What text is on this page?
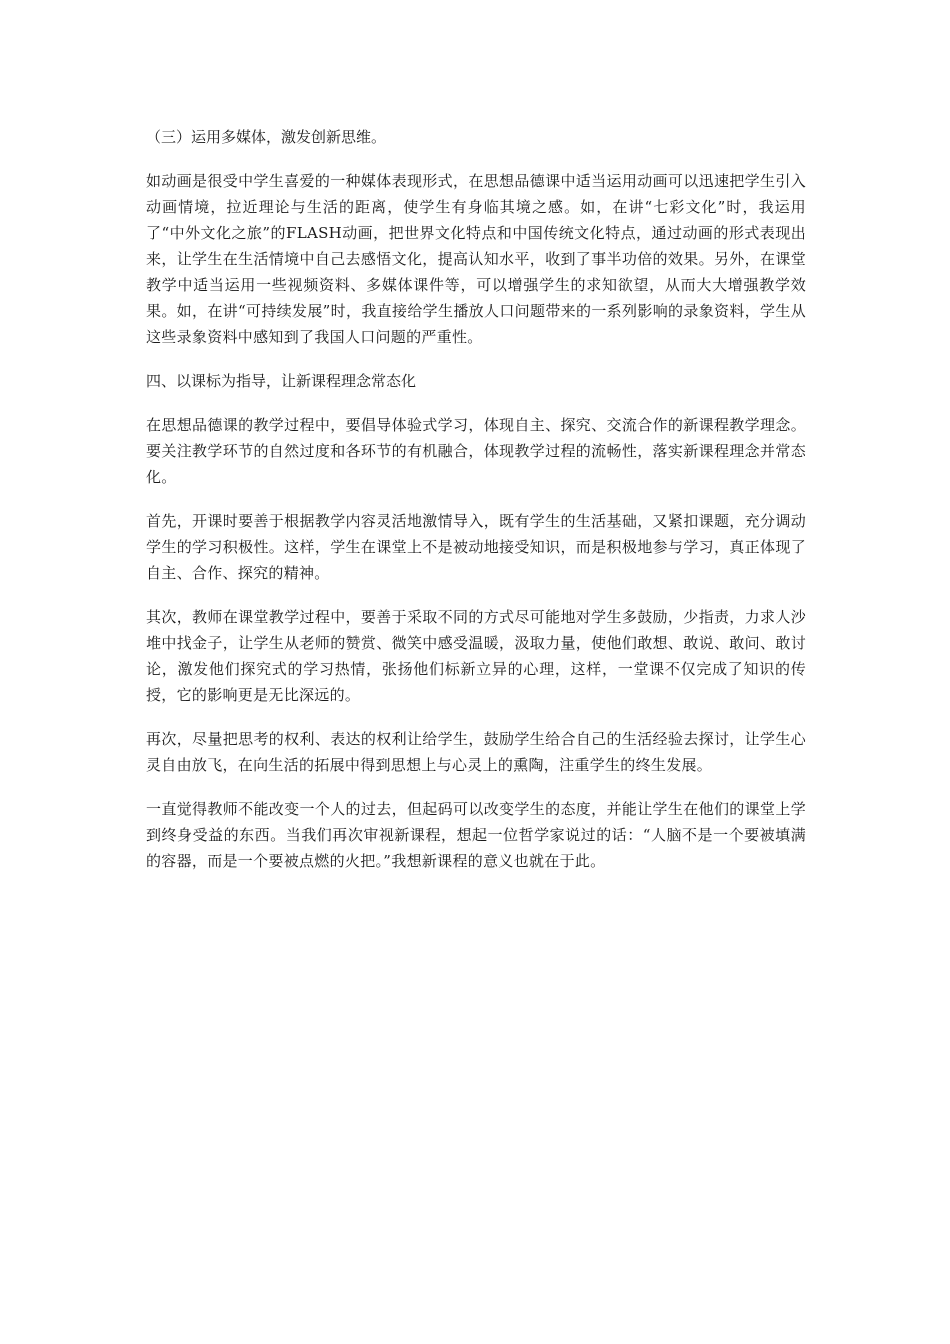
（三）运用多媒体，激发创新思维。
如动画是很受中学生喜爱的一种媒体表现形式，在思想品德课中适当运用动画可以迅速把学生引入动画情境，拉近理论与生活的距离，使学生有身临其境之感。如，在讲“七彩文化”时，我运用了“中外文化之旅”的FLASH动画，把世界文化特点和中国传统文化特点，通过动画的形式表现出来，让学生在生活情境中自己去感悟文化，提高认知水平，收到了事半功倍的效果。另外，在课堂教学中适当运用一些视频资料、多媒体课件等，可以增强学生的求知欲望，从而大大增强教学效果。如，在讲“可持续发展”时，我直接给学生播放人口问题带来的一系列影响的录象资料，学生从这些录象资料中感知到了我国人口问题的严重性。
四、以课标为指导，让新课程理念常态化
在思想品德课的教学过程中，要倡导体验式学习，体现自主、探究、交流合作的新课程教学理念。要关注教学环节的自然过度和各环节的有机融合，体现教学过程的流畅性，落实新课程理念并常态化。
首先，开课时要善于根据教学内容灵活地激情导入，既有学生的生活基础，又紧扣课题，充分调动学生的学习积极性。这样，学生在课堂上不是被动地接受知识，而是积极地参与学习，真正体现了自主、合作、探究的精神。
其次，教师在课堂教学过程中，要善于采取不同的方式尽可能地对学生多鼓励，少指责，力求人沙堆中找金子，让学生从老师的赞赏、微笑中感受温暖，汲取力量，使他们敢想、敢说、敢问、敢讨论，激发他们探究式的学习热情，张扬他们标新立异的心理，这样，一堂课不仅完成了知识的传授，它的影响更是无比深远的。
再次，尽量把思考的权利、表达的权利让给学生，鼓励学生给合自己的生活经验去探讨，让学生心灵自由放飞，在向生活的拓展中得到思想上与心灵上的熏陶，注重学生的终生发展。
一直觉得教师不能改变一个人的过去，但起码可以改变学生的态度，并能让学生在他们的课堂上学到终身受益的东西。当我们再次审视新课程，想起一位哲学家说过的话：“人脑不是一个要被填满的容器，而是一个要被点燃的火把。”我想新课程的意义也就在于此。
